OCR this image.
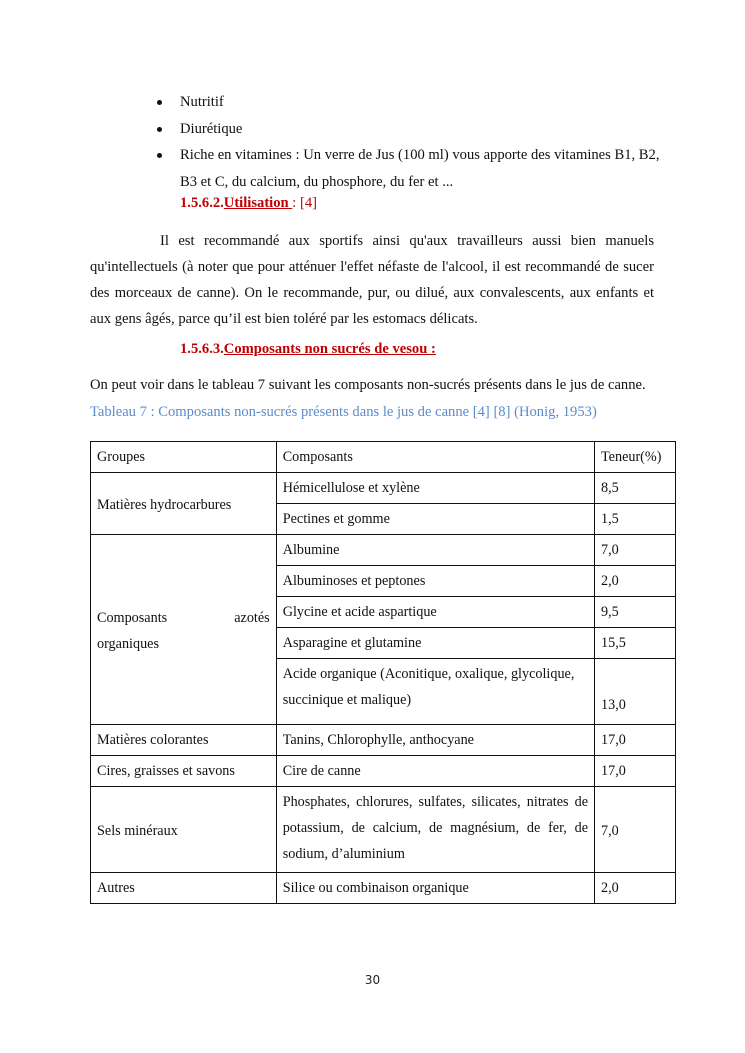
Nutritif
Diurétique
Riche en vitamines : Un verre de Jus (100 ml) vous apporte des vitamines B1, B2, B3 et C, du calcium, du phosphore, du fer et ...
1.5.6.2.Utilisation : [4]

Il est recommandé aux sportifs ainsi qu'aux travailleurs aussi bien manuels qu'intellectuels (à noter que pour atténuer l'effet néfaste de l'alcool, il est recommandé de sucer des morceaux de canne). On le recommande, pur, ou dilué, aux convalescents, aux enfants et aux gens âgés, parce qu’il est bien toléré par les estomacs délicats.

1.5.6.3.Composants non sucrés de vesou :

On peut voir dans le tableau 7 suivant les composants non-sucrés présents dans le jus de canne.

Tableau 7 : Composants non-sucrés présents dans le jus de canne [4] [8] (Honig, 1953)
Groupes	Composants	Teneur(%)
Matières hydrocarbures	Hémicellulose et xylène	8,5
	Pectines et gomme	1,5
Composants azotés organiques	Albumine	7,0
	Albuminoses et peptones	2,0
	Glycine et acide aspartique	9,5
	Asparagine et glutamine	15,5
	Acide organique (Aconitique, oxalique, glycolique, succinique et malique)	13,0
Matières colorantes	Tanins, Chlorophylle, anthocyane	17,0
Cires, graisses et savons	Cire de canne	17,0
Sels minéraux	Phosphates, chlorures, sulfates, silicates, nitrates de potassium, de calcium, de magnésium, de fer, de sodium, d’aluminium	7,0
Autres	Silice ou combinaison organique	2,0
30
